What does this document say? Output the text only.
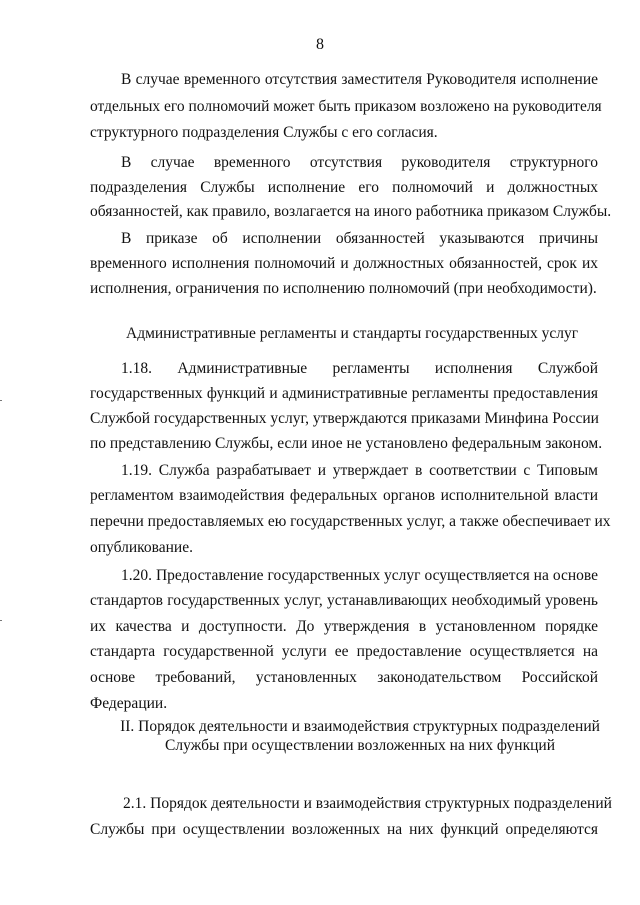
8
В случае временного отсутствия заместителя Руководителя исполнение
отдельных его полномочий может быть приказом возложено на руководителя
структурного подразделения Службы с его согласия.
В случае временного отсутствия руководителя структурного
подразделения Службы исполнение его полномочий и должностных
обязанностей, как правило, возлагается на иного работника приказом Службы.
В приказе об исполнении обязанностей указываются причины
временного исполнения полномочий и должностных обязанностей, срок их
исполнения, ограничения по исполнению полномочий (при необходимости).
Административные регламенты и стандарты государственных услуг
1.18. Административные регламенты исполнения Службой
государственных функций и административные регламенты предоставления
Службой государственных услуг, утверждаются приказами Минфина России
по представлению Службы, если иное не установлено федеральным законом.
1.19. Служба разрабатывает и утверждает в соответствии с Типовым
регламентом взаимодействия федеральных органов исполнительной власти
перечни предоставляемых ею государственных услуг, а также обеспечивает их
опубликование.
1.20. Предоставление государственных услуг осуществляется на основе
стандартов государственных услуг, устанавливающих необходимый уровень
их качества и доступности. До утверждения в установленном порядке
стандарта государственной услуги ее предоставление осуществляется на
основе требований, установленных законодательством Российской
Федерации.
II. Порядок деятельности и взаимодействия структурных подразделений
Службы при осуществлении возложенных на них функций
2.1. Порядок деятельности и взаимодействия структурных подразделений
Службы при осуществлении возложенных на них функций определяются
